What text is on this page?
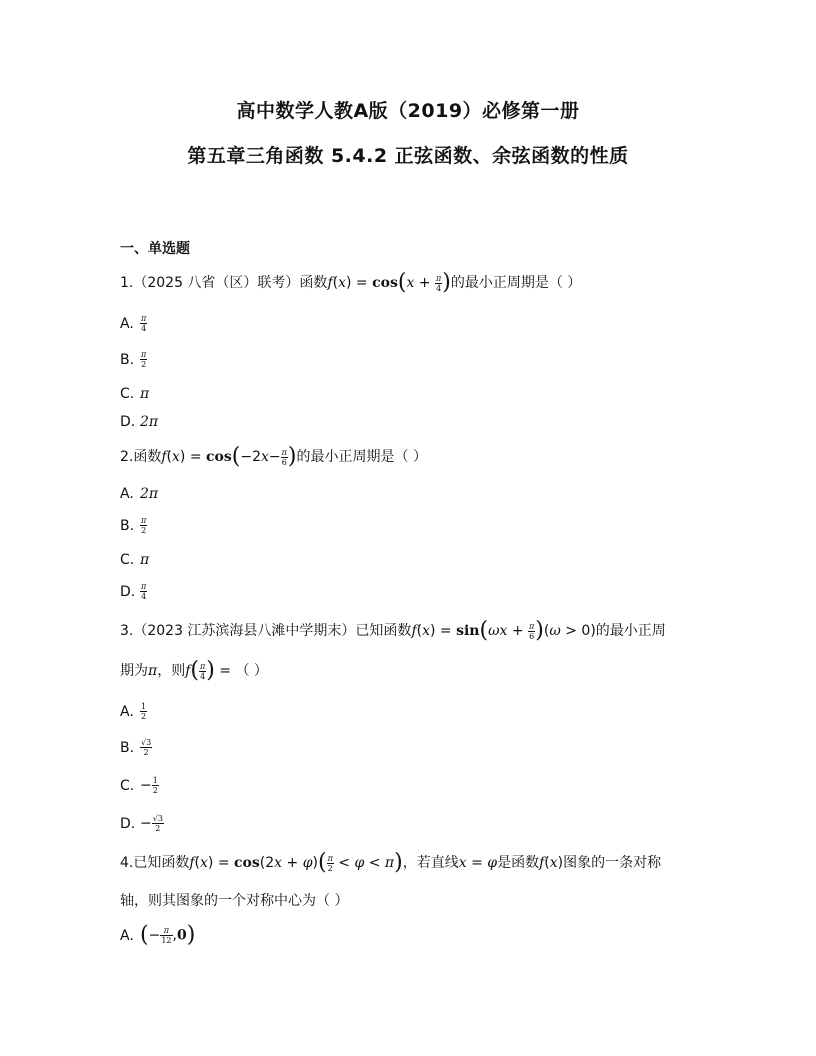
高中数学人教A版（2019）必修第一册
第五章三角函数 5.4.2 正弦函数、余弦函数的性质
一、单选题
1.（2025 八省（区）联考）函数$f(x) = \cos(x + \frac{\pi}{4}$ )的最小正周期是（ ）
A. $\frac{\pi}{4}$
B. $\frac{\pi}{2}$
C. π
D. 2π
2.函数$f(x) = \cos(-2x- \frac{\pi}{6}$ )的最小正周期是（ ）
A. 2π
B. $\frac{\pi}{2}$
C. π
D. $\frac{\pi}{4}$
3.（2023 江苏滨海县八滩中学期末）已知函数$f(x) = \sin(\omega x + \frac{\pi}{6} )(\omega > 0)$的最小正周
期为π，则$f( \frac{\pi}{4}$ ) = （ ）
A. $\frac{1}{2}$
B. $\frac{√3}{2}$
C. − $\frac{1}{2}$
D. − $\frac{√3}{2}$
4.已知函数$f(x) = \cos(2x + \varphi)( \frac{\pi}{2} < \varphi < \pi)$，若直线x = φ是函数f(x)图象的一条对称
轴，则其图象的一个对称中心为（ ）
A. (− $\frac{\pi}{12} ,0$)
